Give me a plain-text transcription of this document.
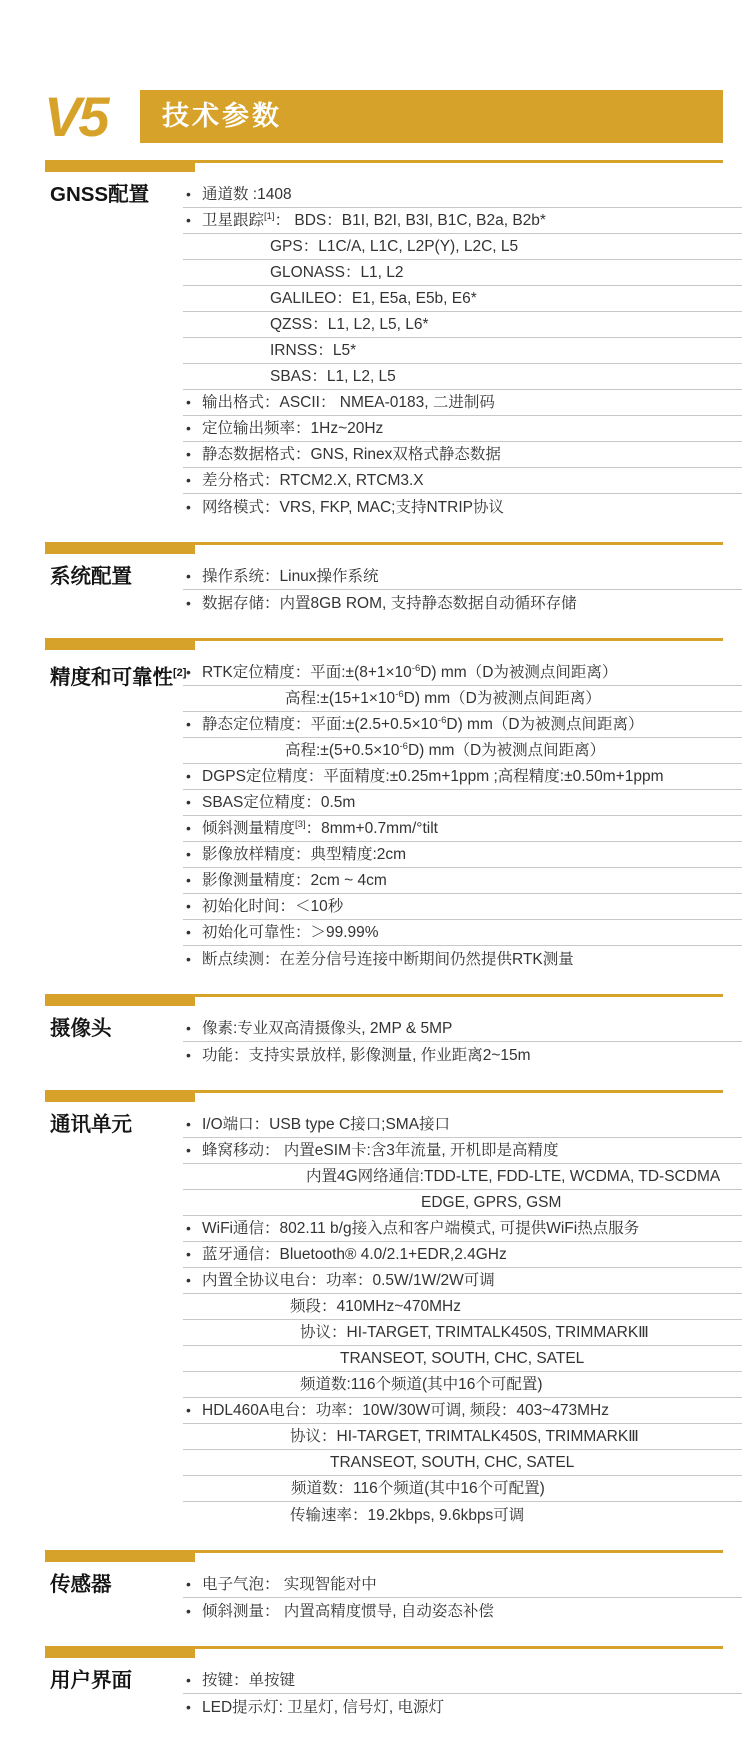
V5	技术参数
GNSS配置	• 通道数 :1408
• 卫星跟踪[1]： BDS：B1I, B2I, B3I, B1C, B2a, B2b*
GPS：L1C/A, L1C, L2P(Y), L2C, L5
GLONASS：L1, L2
GALILEO：E1, E5a, E5b, E6*
QZSS：L1, L2, L5, L6*
IRNSS：L5*
SBAS：L1, L2, L5
• 输出格式：ASCII： NMEA-0183, 二进制码
• 定位输出频率：1Hz~20Hz
• 静态数据格式：GNS, Rinex双格式静态数据
• 差分格式：RTCM2.X, RTCM3.X
• 网络模式：VRS, FKP, MAC;支持NTRIP协议
系统配置	• 操作系统：Linux操作系统
• 数据存储：内置8GB ROM, 支持静态数据自动循环存储
精度和可靠性[2] • RTK定位精度：平面$:\pm(8+1\times 10^{-6}D)$ mm（D为被测点间距离）
高程$:\pm(15+1\times 10^{-6}D)$ mm（D为被测点间距离）
• 静态定位精度：平面$:\pm(2.5+0.5\times 10^{-6}D)$ mm（D为被测点间距离）
高程$:\pm(5+0.5\times 10^{-6}D)$ mm（D为被测点间距离）
• DGPS定位精度：平面精度:±0.25m+1ppm ;高程精度:±0.50m+1ppm
• SBAS定位精度：0.5m
• 倾斜测量精度[3]：8mm+0.7mm/°tilt
• 影像放样精度：典型精度:2cm
• 影像测量精度：2cm ~ 4cm
• 初始化时间：＜10秒
• 初始化可靠性：＞99.99%
• 断点续测：在差分信号连接中断期间仍然提供RTK测量
摄像头	• 像素:专业双高清摄像头, 2MP & 5MP
• 功能：支持实景放样, 影像测量, 作业距离2~15m
通讯单元	• I/O端口：USB type C接口;SMA接口
• 蜂窝移动： 内置eSIM卡:含3年流量, 开机即是高精度
内置4G网络通信:TDD-LTE, FDD-LTE, WCDMA, TD-SCDMA
EDGE, GPRS, GSM
• WiFi通信：802.11 b/g接入点和客户端模式, 可提供WiFi热点服务
• 蓝牙通信：Bluetooth® 4.0/2.1+EDR,2.4GHz
• 内置全协议电台：功率：0.5W/1W/2W可调
频段：410MHz~470MHz
协议：HI-TARGET, TRIMTALK450S, TRIMMARKⅢ
TRANSEOT, SOUTH, CHC, SATEL
频道数:116个频道(其中16个可配置)
• HDL460A电台：功率：10W/30W可调, 频段：403~473MHz
协议：HI-TARGET, TRIMTALK450S, TRIMMARKⅢ
TRANSEOT, SOUTH, CHC, SATEL
频道数：116个频道(其中16个可配置)
传输速率：19.2kbps, 9.6kbps可调
传感器	• 电子气泡： 实现智能对中
• 倾斜测量： 内置高精度惯导, 自动姿态补偿
用户界面	• 按键：单按键
• LED提示灯: 卫星灯, 信号灯, 电源灯
